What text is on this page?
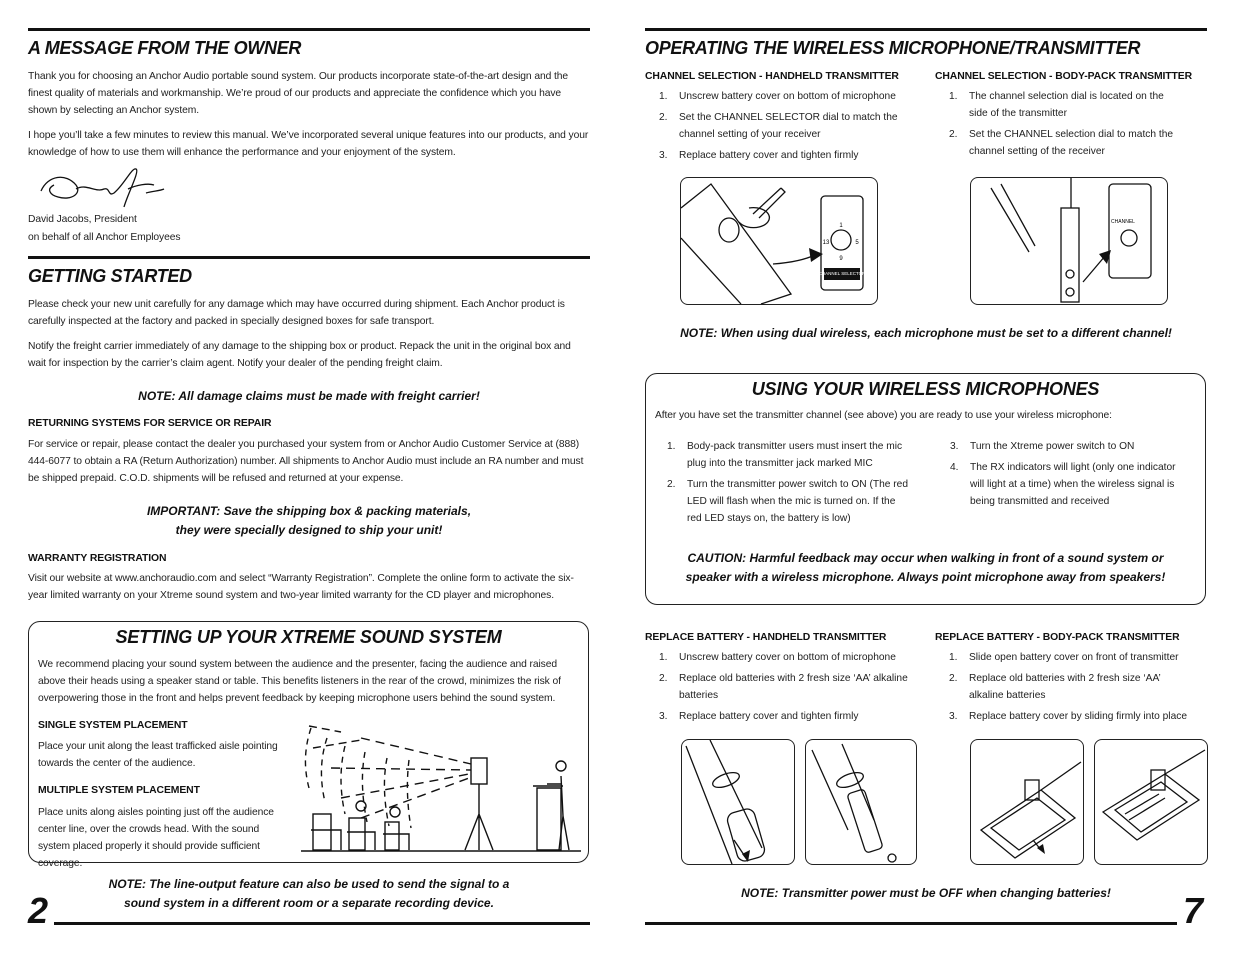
A MESSAGE FROM THE OWNER

Thank you for choosing an Anchor Audio portable sound system. Our products incorporate state-of-the-art design and the finest quality of materials and workmanship. We’re proud of our products and appreciate the confidence which you have shown by selecting an Anchor system.

I hope you’ll take a few minutes to review this manual. We’ve incorporated several unique features into our products, and your knowledge of how to use them will enhance the performance and your enjoyment of the system.

David Jacobs, President

on behalf of all Anchor Employees

GETTING STARTED

Please check your new unit carefully for any damage which may have occurred during shipment. Each Anchor product is carefully inspected at the factory and packed in specially designed boxes for safe transport.

Notify the freight carrier immediately of any damage to the shipping box or product. Repack the unit in the original box and wait for inspection by the carrier’s claim agent. Notify your dealer of the pending freight claim.

NOTE: All damage claims must be made with freight carrier!

RETURNING SYSTEMS FOR SERVICE OR REPAIR

For service or repair, please contact the dealer you purchased your system from or Anchor Audio Customer Service at (888) 444-6077 to obtain a RA (Return Authorization) number. All shipments to Anchor Audio must include an RA number and must be shipped prepaid. C.O.D. shipments will be refused and returned at your expense.

IMPORTANT: Save the shipping box & packing materials,

they were specially designed to ship your unit!

WARRANTY REGISTRATION

Visit our website at www.anchoraudio.com and select “Warranty Registration”. Complete the online form to activate the six-year limited warranty on your Xtreme sound system and two-year limited warranty for the CD player and microphones.

SETTING UP YOUR XTREME SOUND SYSTEM

We recommend placing your sound system between the audience and the presenter, facing the audience and raised above their heads using a speaker stand or table. This benefits listeners in the rear of the crowd, minimizes the risk of overpowering those in the front and helps prevent feedback by keeping microphone users behind the sound system.

SINGLE SYSTEM PLACEMENT

Place your unit along the least trafficked aisle pointing towards the center of the audience.

MULTIPLE SYSTEM PLACEMENT

Place units along aisles pointing just off the audience center line, over the crowds head. With the sound system placed properly it should provide sufficient coverage.

NOTE: The line-output feature can also be used to send the signal to a

sound system in a different room or a separate recording device.

2
OPERATING THE WIRELESS MICROPHONE/TRANSMITTER

CHANNEL SELECTION - HANDHELD TRANSMITTER

1. Unscrew battery cover on bottom of microphone
2. Set the CHANNEL SELECTOR dial to match the channel setting of your receiver
3. Replace battery cover and tighten firmly

CHANNEL SELECTION - BODY-PACK TRANSMITTER

1. The channel selection dial is located on the side of the transmitter
2. Set the CHANNEL selection dial to match the channel setting of the receiver
CHANNEL SELECTOR
1
5
9
13
CHANNEL

NOTE: When using dual wireless, each microphone must be set to a different channel!

USING YOUR WIRELESS MICROPHONES

After you have set the transmitter channel (see above) you are ready to use your wireless microphone:

1. Body-pack transmitter users must insert the mic plug into the transmitter jack marked MIC
2. Turn the transmitter power switch to ON (The red LED will flash when the mic is turned on. If the red LED stays on, the battery is low)
3. Turn the Xtreme power switch to ON
4. The RX indicators will light (only one indicator will light at a time) when the wireless signal is being transmitted and received

CAUTION: Harmful feedback may occur when walking in front of a sound system or

speaker with a wireless microphone. Always point microphone away from speakers!

REPLACE BATTERY - HANDHELD TRANSMITTER

1. Unscrew battery cover on bottom of microphone
2. Replace old batteries with 2 fresh size ‘AA’ alkaline batteries
3. Replace battery cover and tighten firmly

REPLACE BATTERY - BODY-PACK TRANSMITTER

1. Slide open battery cover on front of transmitter
2. Replace old batteries with 2 fresh size ‘AA’ alkaline batteries
3. Replace battery cover by sliding firmly into place

NOTE: Transmitter power must be OFF when changing batteries!	7
